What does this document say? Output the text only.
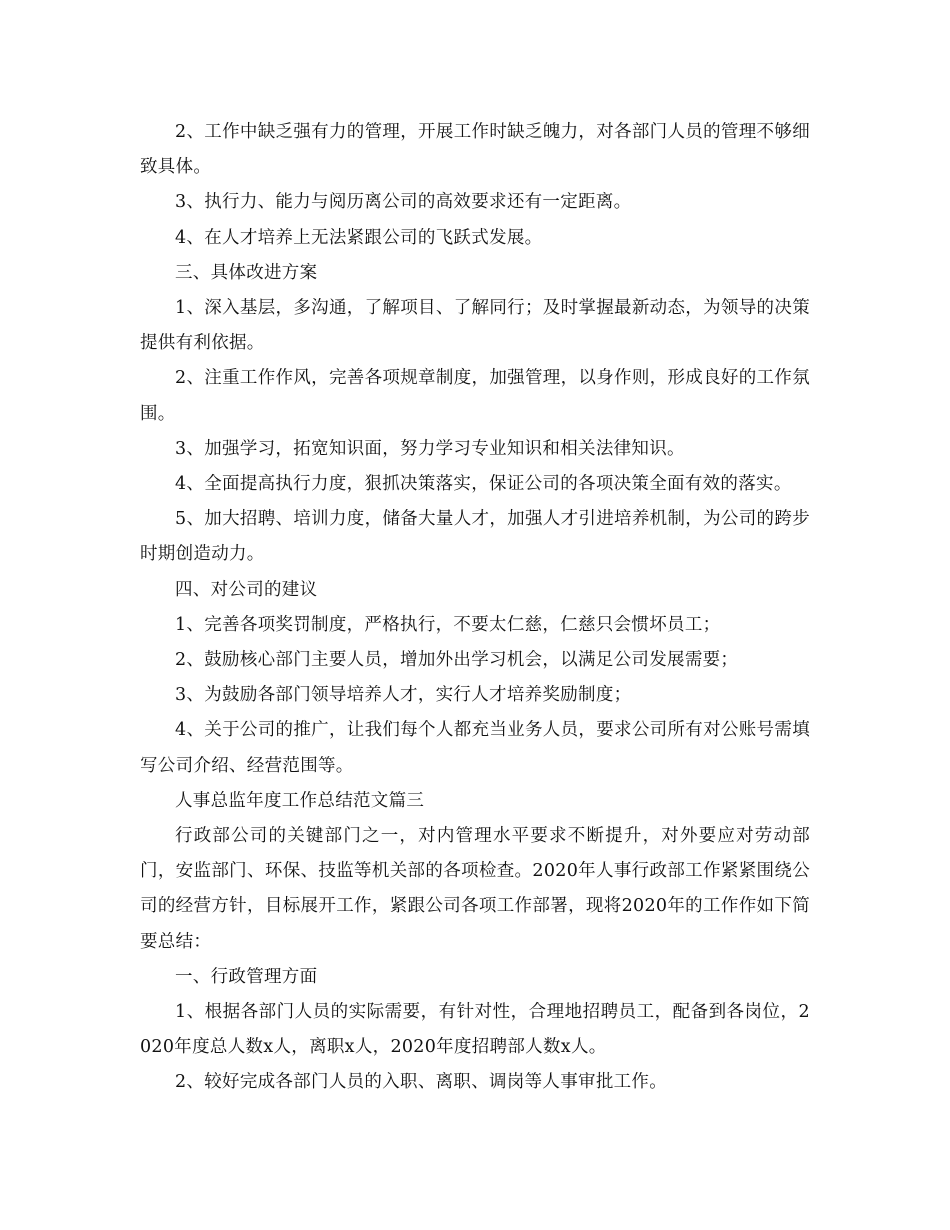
2、工作中缺乏强有力的管理，开展工作时缺乏魄力，对各部门人员的管理不够细致具体。

3、执行力、能力与阅历离公司的高效要求还有一定距离。

4、在人才培养上无法紧跟公司的飞跃式发展。

三、具体改进方案

1、深入基层，多沟通，了解项目、了解同行；及时掌握最新动态，为领导的决策提供有利依据。

2、注重工作作风，完善各项规章制度，加强管理，以身作则，形成良好的工作氛围。

3、加强学习，拓宽知识面，努力学习专业知识和相关法律知识。

4、全面提高执行力度，狠抓决策落实，保证公司的各项决策全面有效的落实。

5、加大招聘、培训力度，储备大量人才，加强人才引进培养机制，为公司的跨步时期创造动力。

四、对公司的建议

1、完善各项奖罚制度，严格执行，不要太仁慈，仁慈只会惯坏员工；

2、鼓励核心部门主要人员，增加外出学习机会，以满足公司发展需要；

3、为鼓励各部门领导培养人才，实行人才培养奖励制度；

4、关于公司的推广，让我们每个人都充当业务人员，要求公司所有对公账号需填写公司介绍、经营范围等。

人事总监年度工作总结范文篇三

行政部公司的关键部门之一，对内管理水平要求不断提升，对外要应对劳动部门，安监部门、环保、技监等机关部的各项检查。2020年人事行政部工作紧紧围绕公司的经营方针，目标展开工作，紧跟公司各项工作部署，现将2020年的工作作如下简要总结：

一、行政管理方面

1、根据各部门人员的实际需要，有针对性，合理地招聘员工，配备到各岗位，2020年度总人数x人，离职x人，2020年度招聘部人数x人。

2、较好完成各部门人员的入职、离职、调岗等人事审批工作。
